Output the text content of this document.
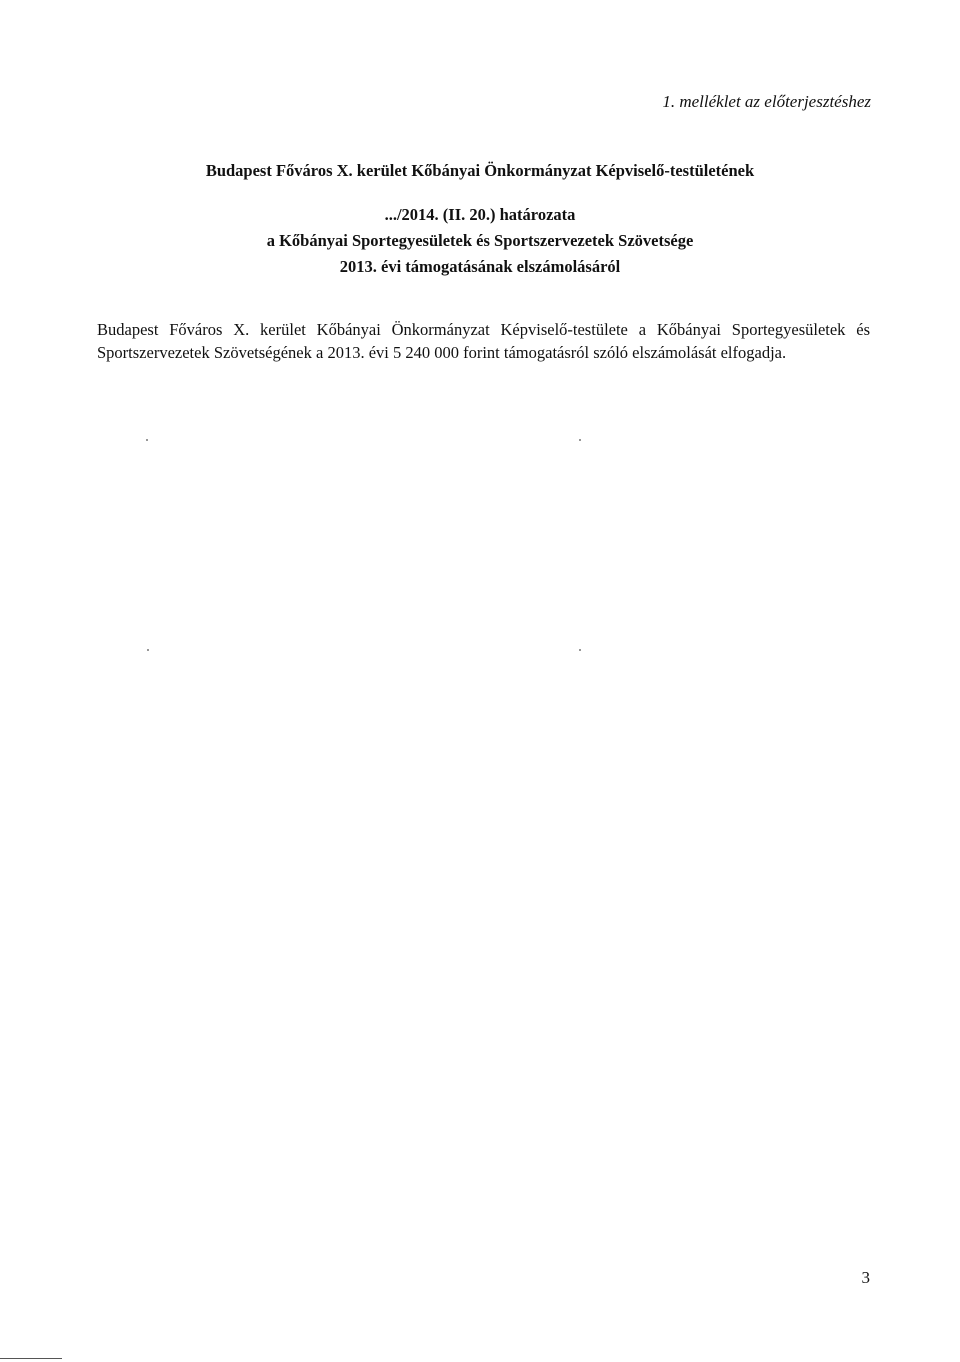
1. melléklet az előterjesztéshez
Budapest Főváros X. kerület Kőbányai Önkormányzat Képviselő-testületének
.../2014. (II. 20.) határozata
a Kőbányai Sportegyesületek és Sportszervezetek Szövetsége
2013. évi támogatásának elszámolásáról

Budapest Főváros X. kerület Kőbányai Önkormányzat Képviselő-testülete a Kőbányai Sportegyesületek és Sportszervezetek Szövetségének a 2013. évi 5 240 000 forint támogatásról szóló elszámolását elfogadja.

3
